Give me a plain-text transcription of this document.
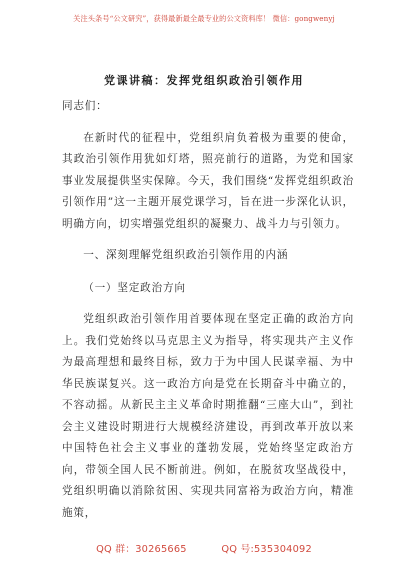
关注头条号“公文研究”，获得最新最全最专业的公文资料库！ 微信：gongwenyj
党课讲稿：发挥党组织政治引领作用

同志们：

在新时代的征程中，党组织肩负着极为重要的使命，其政治引领作用犹如灯塔，照亮前行的道路，为党和国家事业发展提供坚实保障。今天，我们围绕“发挥党组织政治引领作用”这一主题开展党课学习，旨在进一步深化认识，明确方向，切实增强党组织的凝聚力、战斗力与引领力。

一、深刻理解党组织政治引领作用的内涵

（一）坚定政治方向

党组织政治引领作用首要体现在坚定正确的政治方向上。我们党始终以马克思主义为指导，将实现共产主义作为最高理想和最终目标，致力于为中国人民谋幸福、为中华民族谋复兴。这一政治方向是党在长期奋斗中确立的，不容动摇。从新民主主义革命时期推翻“三座大山”，到社会主义建设时期进行大规模经济建设，再到改革开放以来中国特色社会主义事业的蓬勃发展，党始终坚定政治方向，带领全国人民不断前进。例如，在脱贫攻坚战役中，党组织明确以消除贫困、实现共同富裕为政治方向，精准施策，

QQ 群：30265665	QQ 号:535304092
